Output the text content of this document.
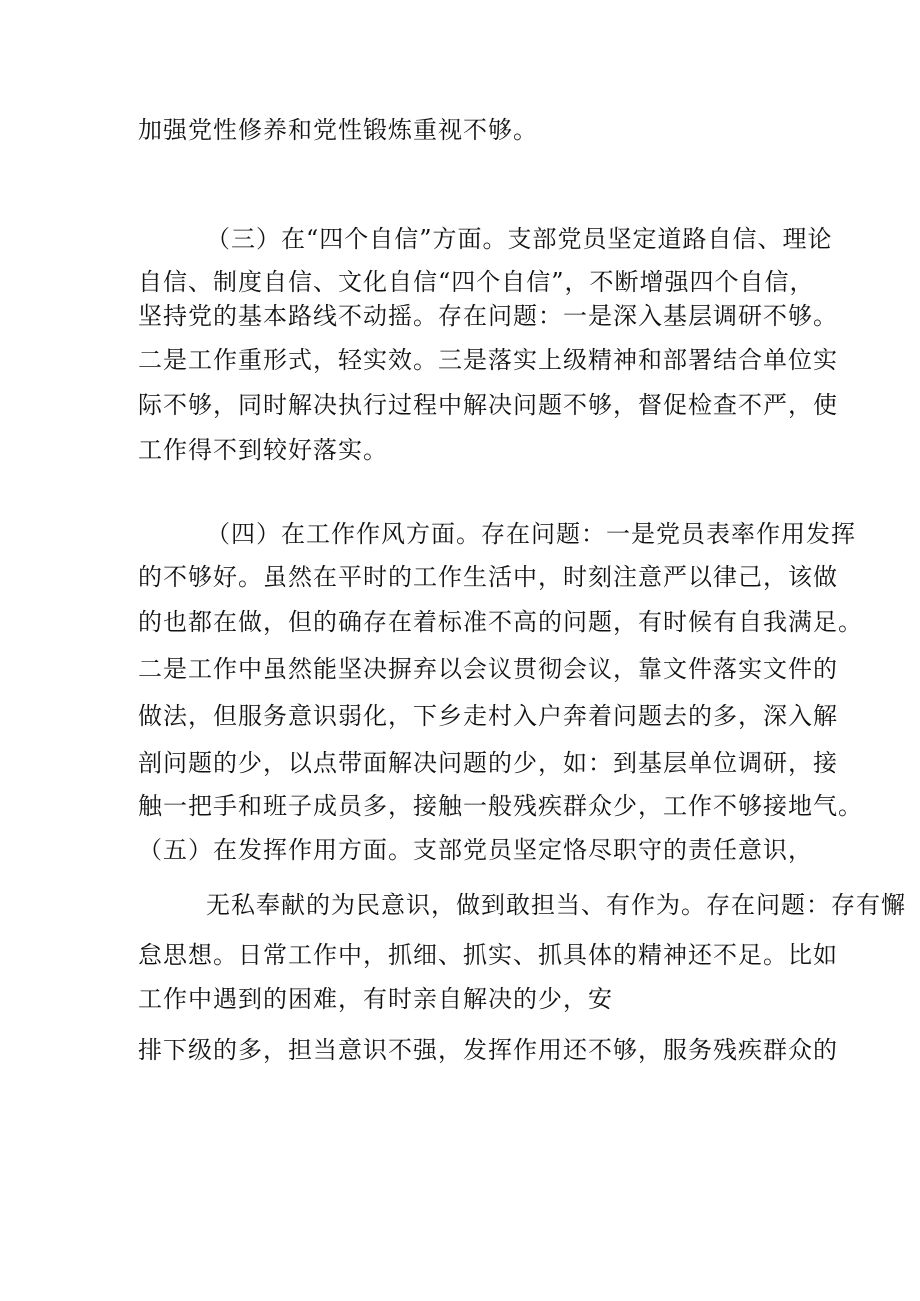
加强党性修养和党性锻炼重视不够。
（三）在“四个自信”方面。支部党员坚定道路自信、理论
自信、制度自信、文化自信“四个自信”，不断增强四个自信，
坚持党的基本路线不动摇。存在问题：一是深入基层调研不够。
二是工作重形式，轻实效。三是落实上级精神和部署结合单位实
际不够，同时解决执行过程中解决问题不够，督促检查不严，使
工作得不到较好落实。
（四）在工作作风方面。存在问题：一是党员表率作用发挥
的不够好。虽然在平时的工作生活中，时刻注意严以律己，该做
的也都在做，但的确存在着标准不高的问题，有时候有自我满足。
二是工作中虽然能坚决摒弃以会议贯彻会议，靠文件落实文件的
做法，但服务意识弱化，下乡走村入户奔着问题去的多，深入解
剖问题的少，以点带面解决问题的少，如：到基层单位调研，接
触一把手和班子成员多，接触一般残疾群众少，工作不够接地气。
（五）在发挥作用方面。支部党员坚定恪尽职守的责任意识，
无私奉献的为民意识，做到敢担当、有作为。存在问题：存有懈
怠思想。日常工作中，抓细、抓实、抓具体的精神还不足。比如
工作中遇到的困难，有时亲自解决的少，安
排下级的多，担当意识不强，发挥作用还不够，服务残疾群众的
